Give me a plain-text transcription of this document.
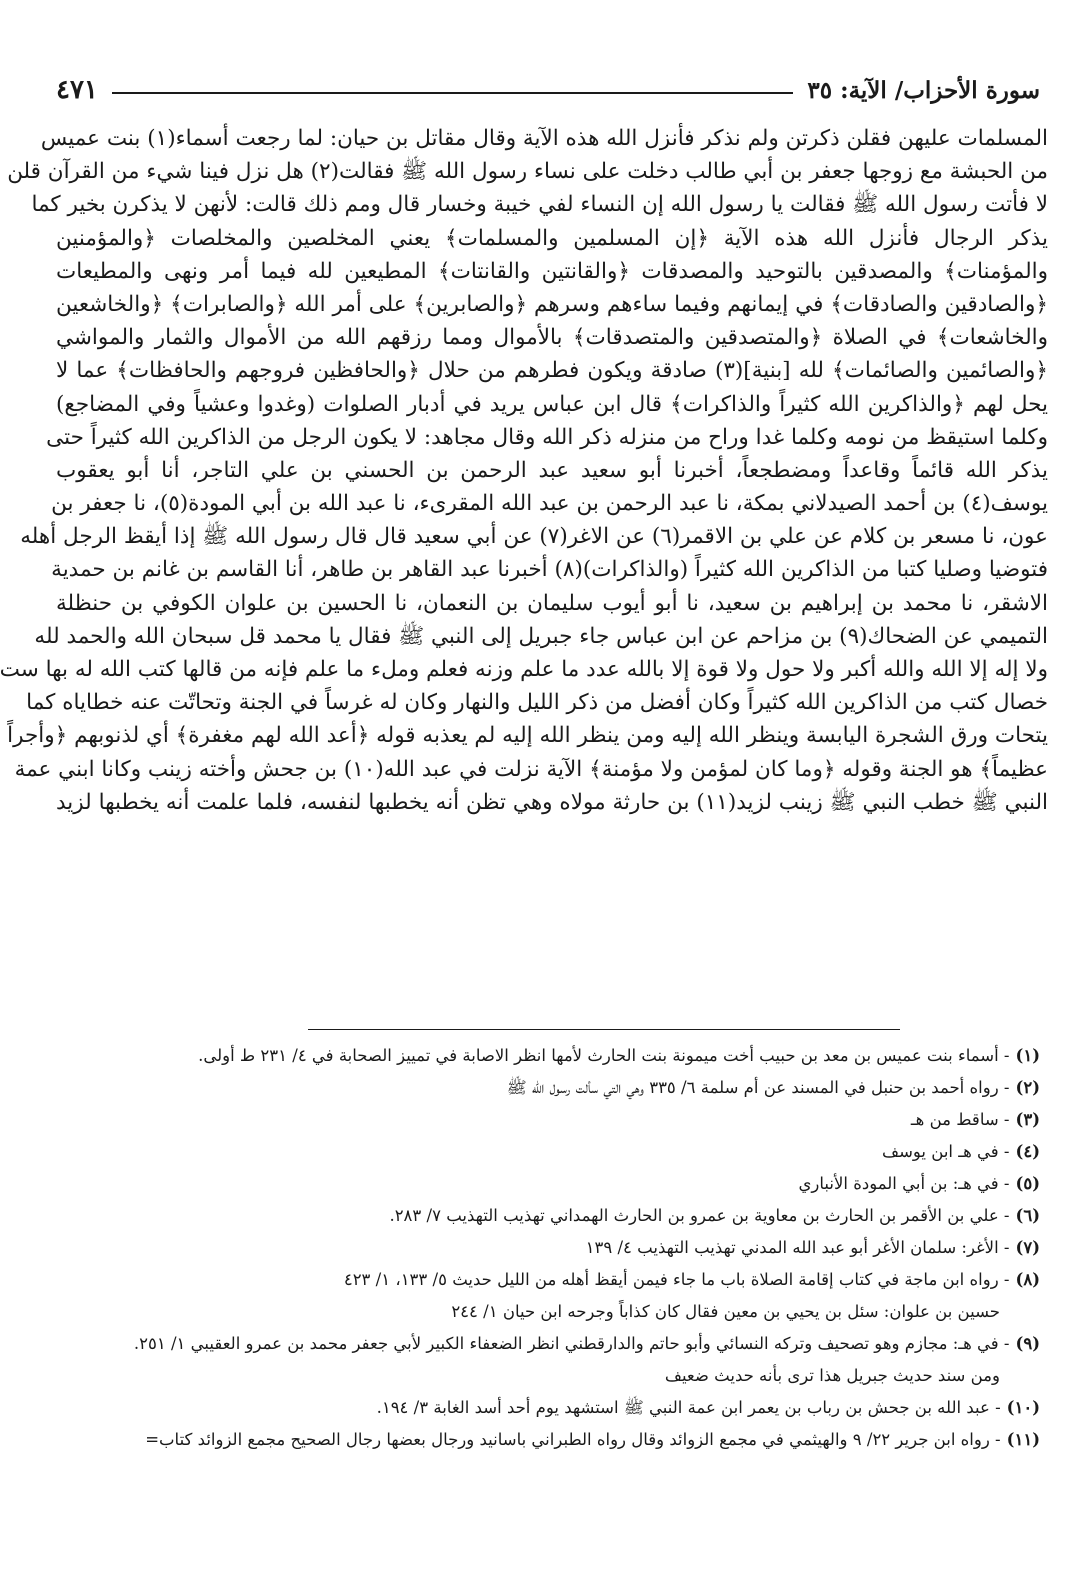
سورة الأحزاب/ الآية: ٣٥
٤٧١
المسلمات عليهن فقلن ذكرتن ولم نذكر فأنزل الله هذه الآية وقال مقاتل بن حيان: لما رجعت أسماء(١) بنت عميس
من الحبشة مع زوجها جعفر بن أبي طالب دخلت على نساء رسول الله ﷺ فقالت(٢) هل نزل فينا شيء من القرآن قلن
لا فأتت رسول الله ﷺ فقالت يا رسول الله إن النساء لفي خيبة وخسار قال وﻣﻢ ذلك قالت: لأنهن لا يذكرن بخير كما
يذكر الرجال فأنزل الله هذه الآية ﴿إن المسلمين والمسلمات﴾ يعني المخلصين والمخلصات ﴿والمؤمنين
والمؤمنات﴾ والمصدقين بالتوحيد والمصدقات ﴿والقانتين والقانتات﴾ المطيعين لله فيما أمر ونهى والمطيعات
﴿والصادقين والصادقات﴾ في إيمانهم وفيما ساءهم وسرهم ﴿والصابرين﴾ على أمر الله ﴿والصابرات﴾ ﴿والخاشعين
والخاشعات﴾ في الصلاة ﴿والمتصدقين والمتصدقات﴾ بالأموال ومما رزقهم الله من الأموال والثمار والمواشي
﴿والصائمين والصائمات﴾ لله [بنية](٣) صادقة ويكون فطرهم من حلال ﴿والحافظين فروجهم والحافظات﴾ عما لا
يحل لهم ﴿والذاكرين الله كثيراً والذاكرات﴾ قال ابن عباس يريد في أدبار الصلوات (وغدوا وعشياً وفي المضاجع)
وكلما استيقظ من نومه وكلما غدا وراح من منزله ذكر الله وقال مجاهد: لا يكون الرجل من الذاكرين الله كثيراً حتى
يذكر الله قائماً وقاعداً ومضطجعاً، أخبرنا أبو سعيد عبد الرحمن بن الحسني بن علي التاجر، أنا أبو يعقوب
يوسف(٤) بن أحمد الصيدلاني بمكة، نا عبد الرحمن بن عبد الله المقرىء، نا عبد الله بن أبي المودة(٥)، نا جعفر بن
عون، نا مسعر بن كلام عن علي بن الاقمر(٦) عن الاغر(٧) عن أبي سعيد قال قال رسول الله ﷺ إذا أيقظ الرجل أهله
فتوضيا وصليا كتبا من الذاكرين الله كثيراً (والذاكرات)(٨) أخبرنا عبد القاهر بن طاهر، أنا القاسم بن غانم بن حمدية
الاشقر، نا محمد بن إبراهيم بن سعيد، نا أبو أيوب سليمان بن النعمان، نا الحسين بن علوان الكوفي بن حنظلة
التميمي عن الضحاك(٩) بن مزاحم عن ابن عباس جاء جبريل إلى النبي ﷺ فقال يا محمد قل سبحان الله والحمد لله
ولا إله إلا الله والله أكبر ولا حول ولا قوة إلا بالله عدد ما علم وزنه فعلم وملء ما علم فإنه من قالها كتب الله له بها ست
خصال كتب من الذاكرين الله كثيراً وكان أفضل من ذكر الليل والنهار وكان له غرساً في الجنة وتحاتّت عنه خطاياه كما
يتحات ورق الشجرة اليابسة وينظر الله إليه ومن ينظر الله إليه لم يعذبه قوله ﴿أعد الله لهم مغفرة﴾ أي لذنوبهم ﴿وأجراً
عظيماً﴾ هو الجنة وقوله ﴿وما كان لمؤمن ولا مؤمنة﴾ الآية نزلت في عبد الله(١٠) بن جحش وأخته زينب وكانا ابني عمة
النبي ﷺ خطب النبي ﷺ زينب لزيد(١١) بن حارثة مولاه وهي تظن أنه يخطبها لنفسه، فلما علمت أنه يخطبها لزيد
(١)- أسماء بنت عميس بن معد بن حبيب أخت ميمونة بنت الحارث لأمها انظر الاصابة في تمييز الصحابة في ٤/ ٢٣١ ط أولى.
(٢)- رواه أحمد بن حنبل في المسند عن أم سلمة ٦/ ٣٣٥ وهي التي سألت رسول الله ﷺ
(٣)- ساقط من هـ
(٤)- في هـ ابن يوسف
(٥)- في هـ: بن أبي المودة الأنباري
(٦)- علي بن الأقمر بن الحارث بن معاوية بن عمرو بن الحارث الهمداني تهذيب التهذيب ٧/ ٢٨٣.
(٧)- الأغر: سلمان الأغر أبو عبد الله المدني تهذيب التهذيب ٤/ ١٣٩
(٨)- رواه ابن ماجة في كتاب إقامة الصلاة باب ما جاء فيمن أيقظ أهله من الليل حديث ٥/ ١٣٣، ١/ ٤٢٣
حسين بن علوان: سئل بن يحيي بن معين فقال كان كذاباً وجرحه ابن حيان ١/ ٢٤٤
(٩)- في هـ: مجازم وهو تصحيف وتركه النسائي وأبو حاتم والدارقطني انظر الضعفاء الكبير لأبي جعفر محمد بن عمرو العقيبي ١/ ٢٥١.
ومن سند حديث جبريل هذا ترى بأنه حديث ضعيف
(١٠)- عبد الله بن جحش بن رباب بن يعمر ابن عمة النبي ﷺ استشهد يوم أحد أسد الغابة ٣/ ١٩٤.
(١١)- رواه ابن جرير ٢٢/ ٩ والهيثمي في مجمع الزوائد وقال رواه الطبراني باسانيد ورجال بعضها رجال الصحيح مجمع الزوائد كتاب=
